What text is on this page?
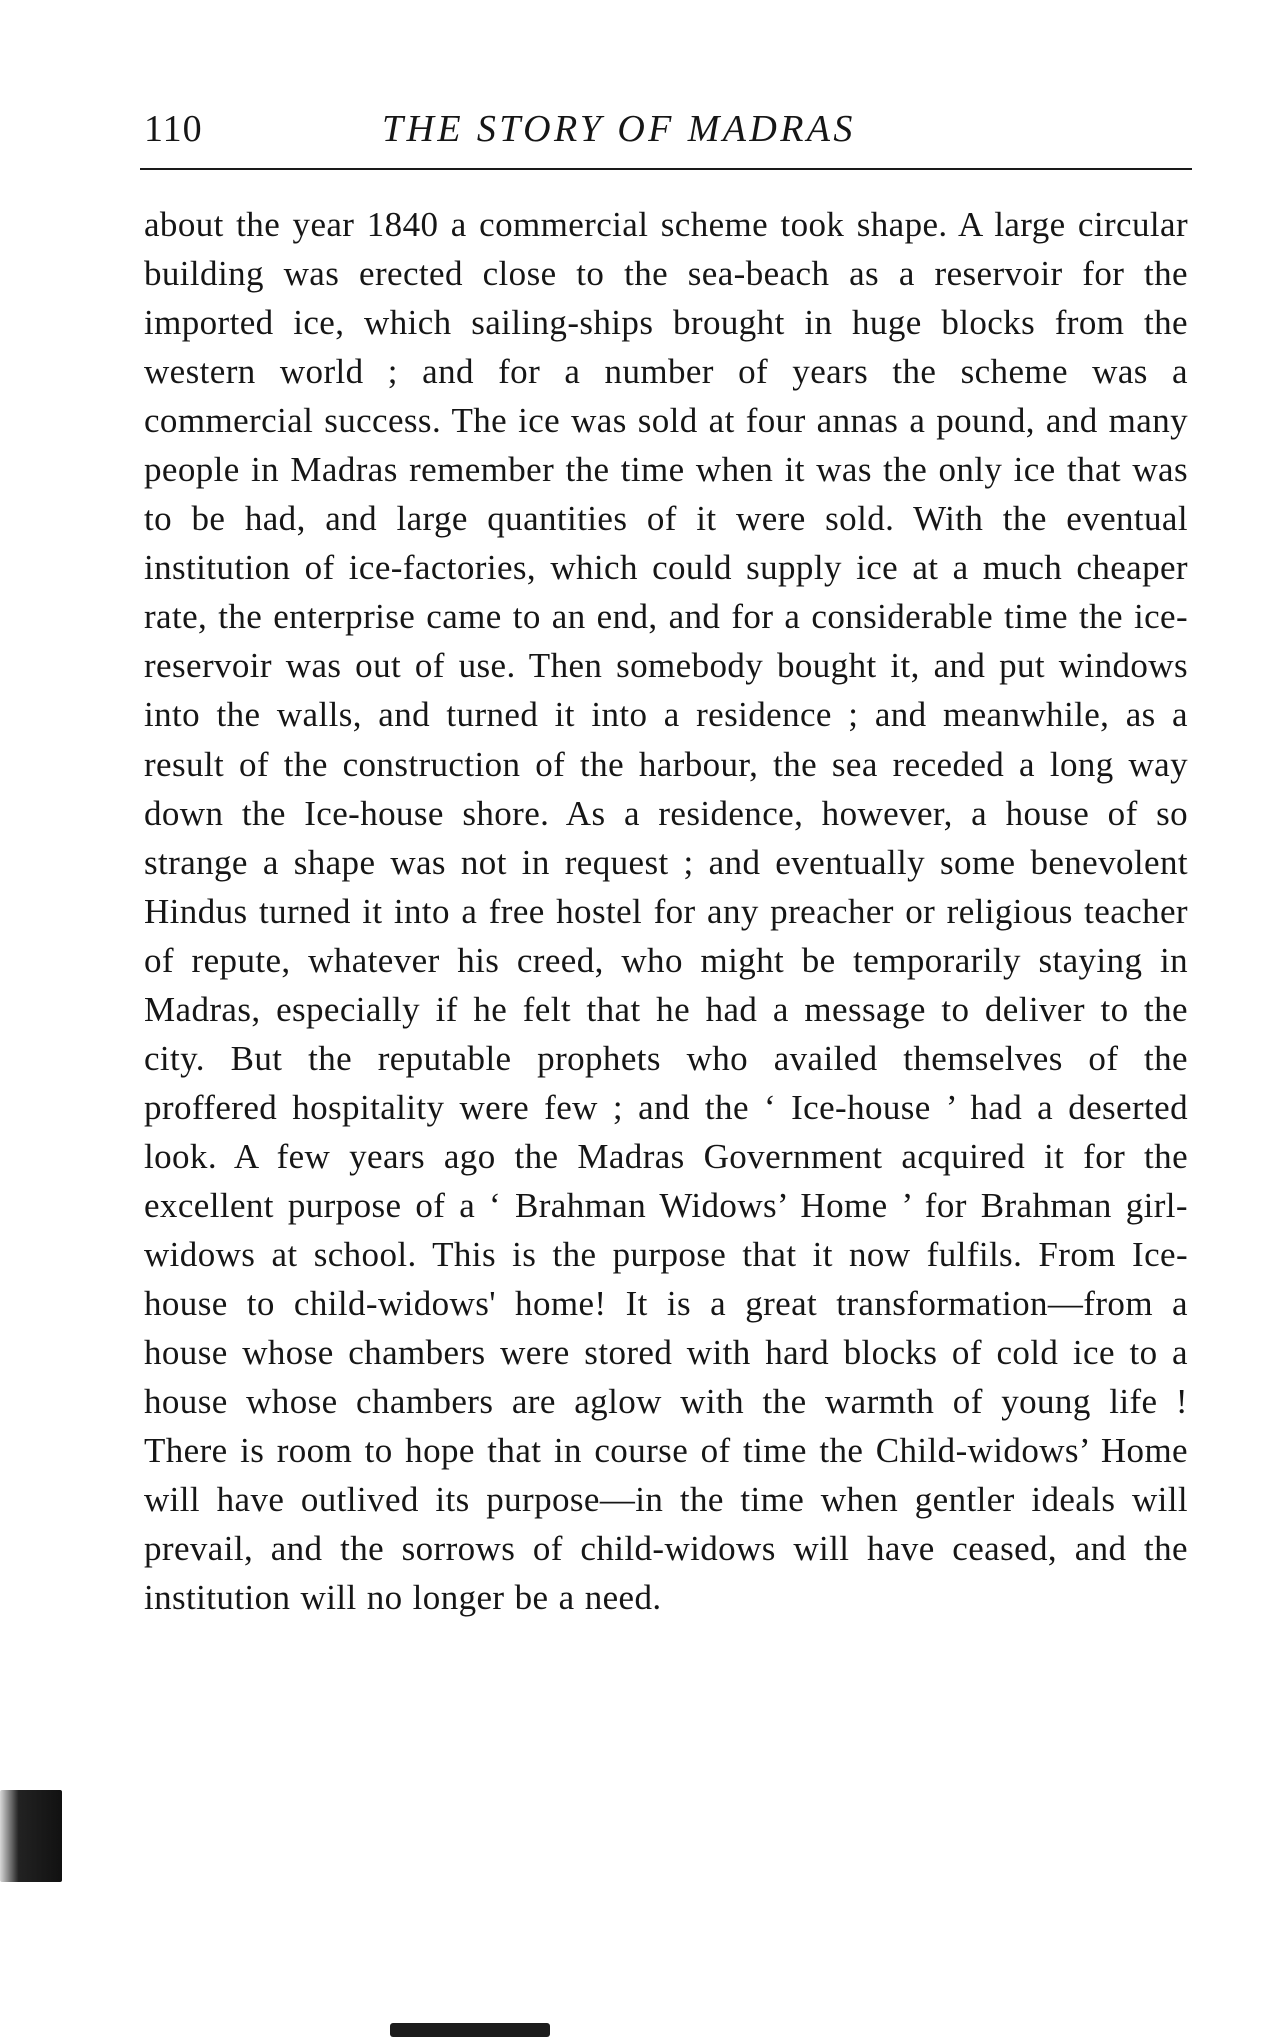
110	THE STORY OF MADRAS

about the year 1840 a commercial scheme took shape. A large circular building was erected close to the sea-beach as a reservoir for the imported ice, which sailing-ships brought in huge blocks from the western world ; and for a number of years the scheme was a commercial success. The ice was sold at four annas a pound, and many people in Madras remember the time when it was the only ice that was to be had, and large quantities of it were sold. With the eventual institution of ice-factories, which could supply ice at a much cheaper rate, the enterprise came to an end, and for a considerable time the ice-reservoir was out of use. Then somebody bought it, and put windows into the walls, and turned it into a residence ; and meanwhile, as a result of the construction of the harbour, the sea receded a long way down the Ice-house shore. As a residence, however, a house of so strange a shape was not in request ; and eventually some benevolent Hindus turned it into a free hostel for any preacher or religious teacher of repute, whatever his creed, who might be temporarily staying in Madras, especially if he felt that he had a message to deliver to the city. But the reputable prophets who availed themselves of the proffered hospitality were few ; and the ‘ Ice-house ’ had a deserted look. A few years ago the Madras Government acquired it for the excellent purpose of a ‘ Brahman Widows’ Home ’ for Brahman girl-widows at school. This is the purpose that it now fulfils. From Ice-house to child-widows' home! It is a great transformation—from a house whose chambers were stored with hard blocks of cold ice to a house whose chambers are aglow with the warmth of young life ! There is room to hope that in course of time the Child-widows’ Home will have outlived its purpose—in the time when gentler ideals will prevail, and the sorrows of child-widows will have ceased, and the institution will no longer be a need.
